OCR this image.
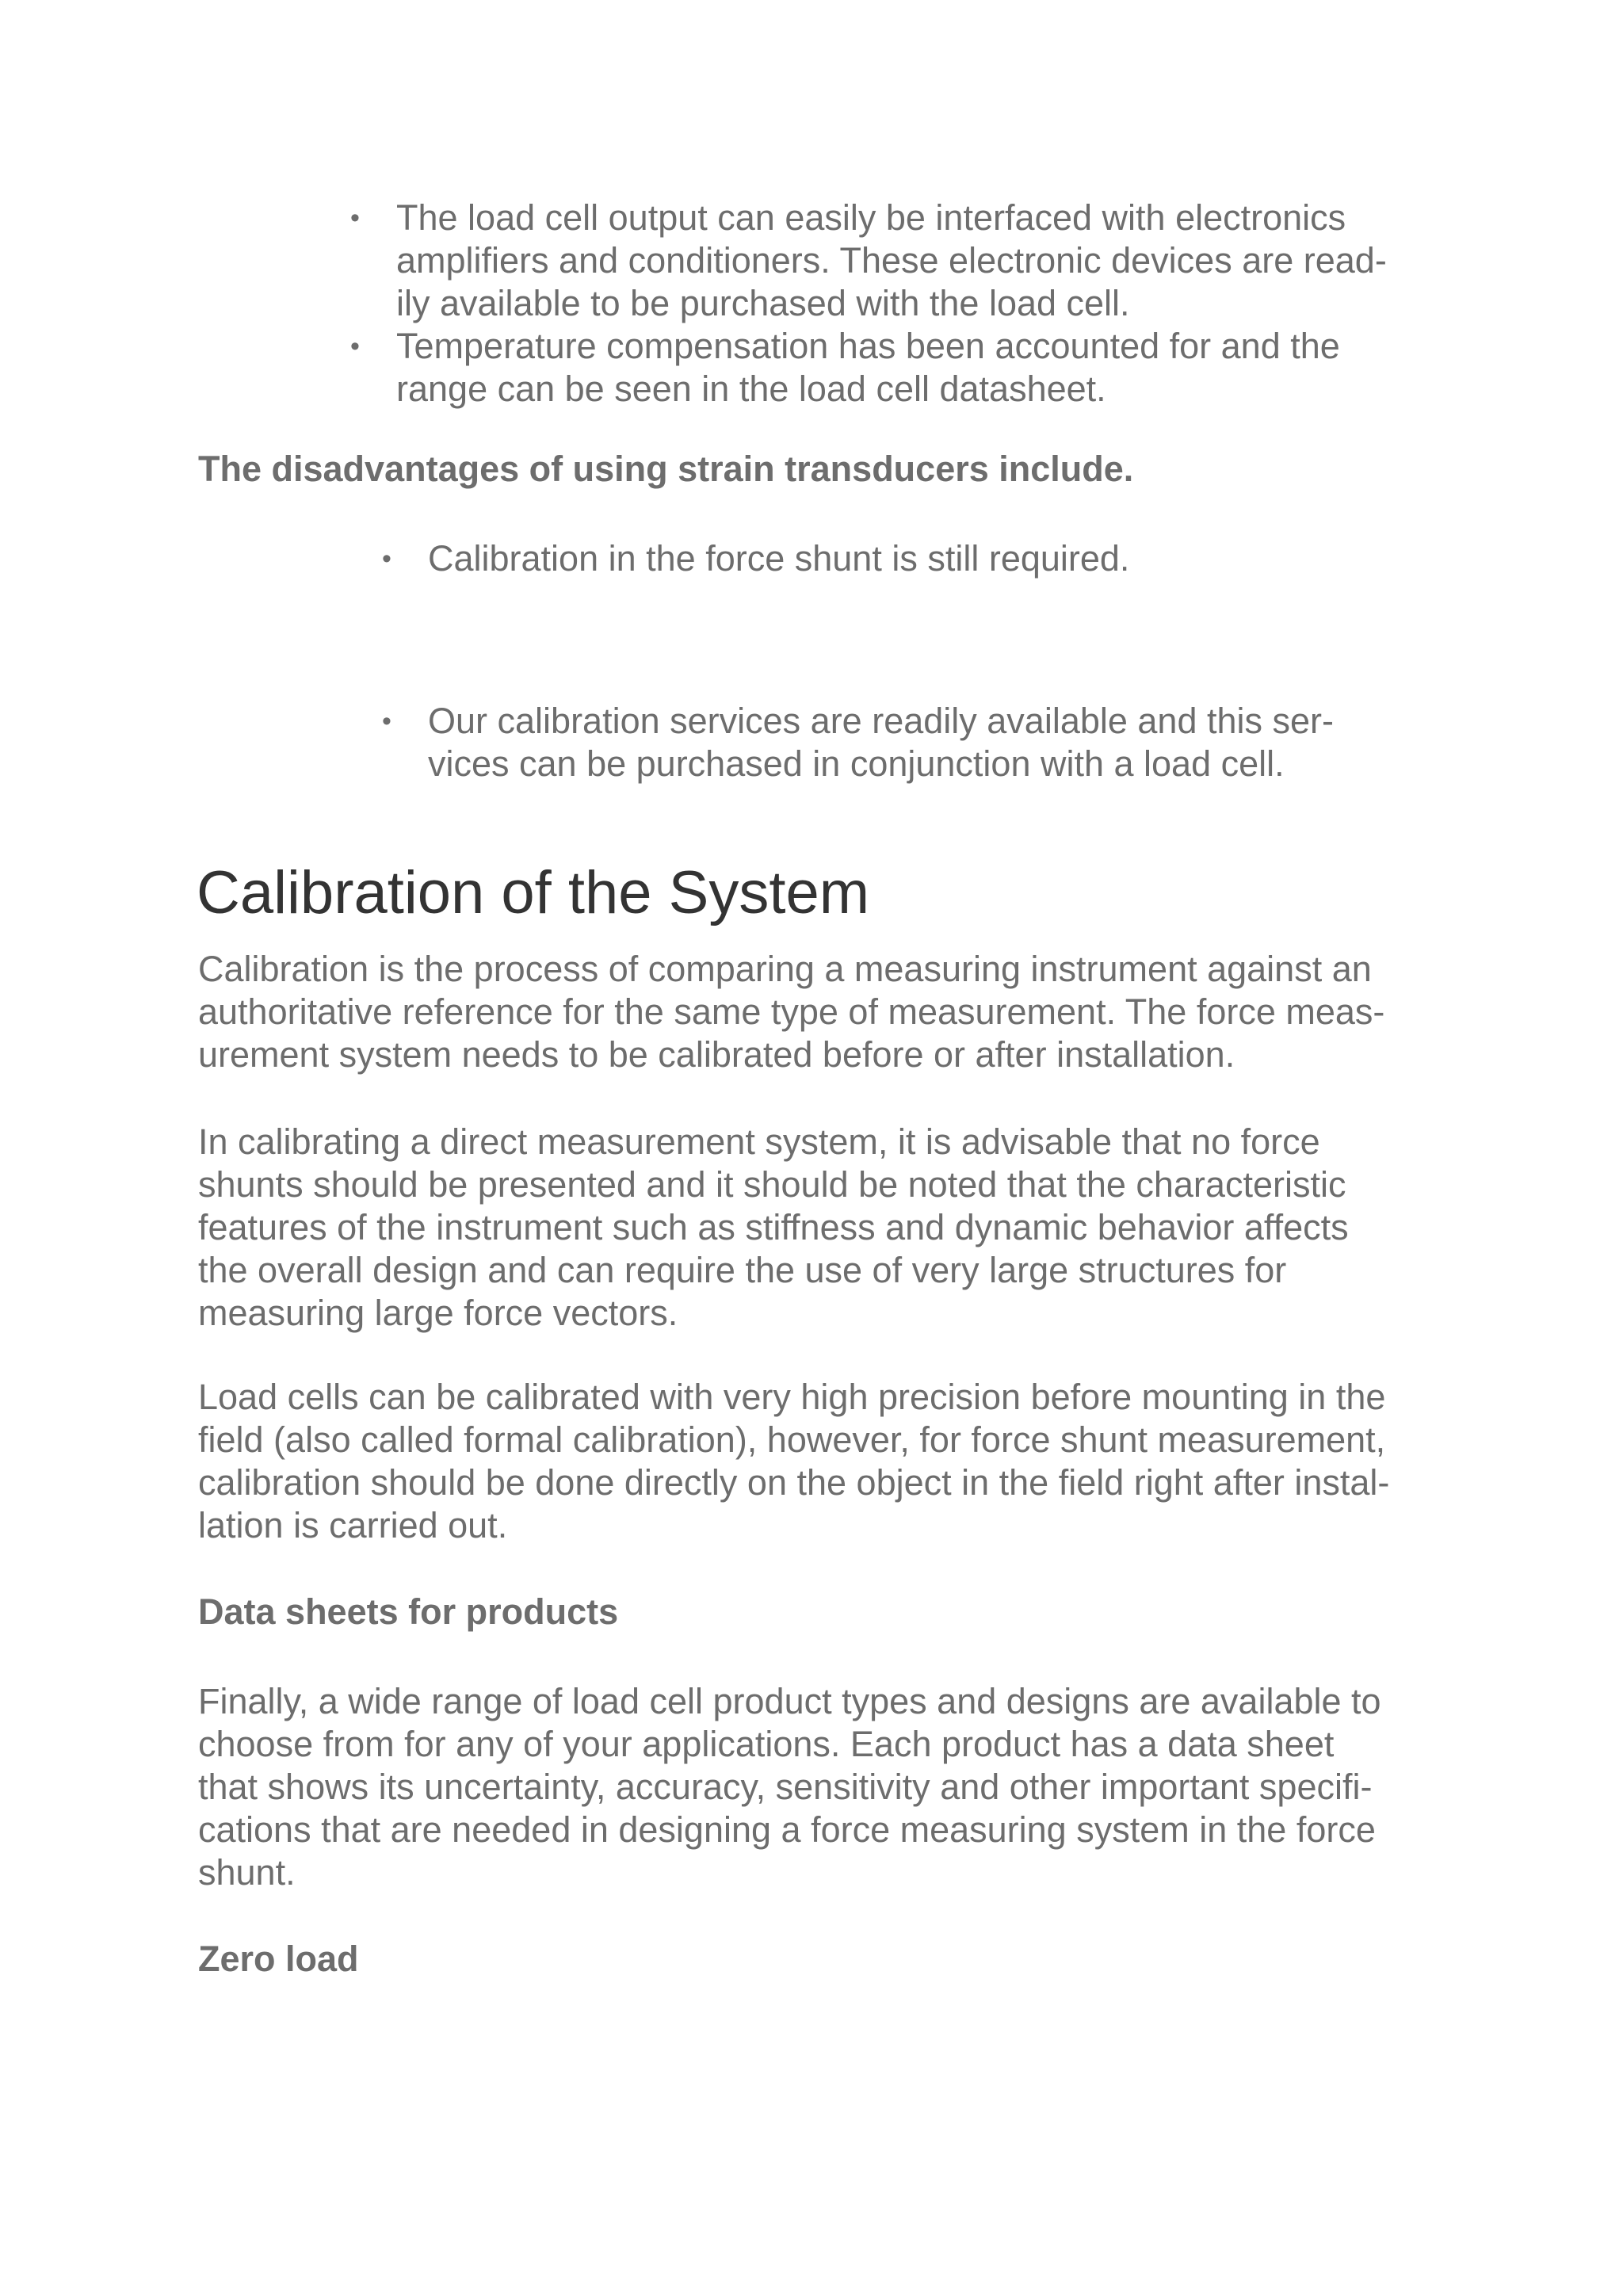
• The load cell output can easily be interfaced with electronics
amplifiers and conditioners. These electronic devices are read-
ily available to be purchased with the load cell.
• Temperature compensation has been accounted for and the
range can be seen in the load cell datasheet.

The disadvantages of using strain transducers include.

• Calibration in the force shunt is still required.
• Our calibration services are readily available and this ser-
vices can be purchased in conjunction with a load cell.
Calibration of the System

Calibration is the process of comparing a measuring instrument against an
authoritative reference for the same type of measurement. The force meas-
urement system needs to be calibrated before or after installation.

In calibrating a direct measurement system, it is advisable that no force
shunts should be presented and it should be noted that the characteristic
features of the instrument such as stiffness and dynamic behavior affects
the overall design and can require the use of very large structures for
measuring large force vectors.

Load cells can be calibrated with very high precision before mounting in the
field (also called formal calibration), however, for force shunt measurement,
calibration should be done directly on the object in the field right after instal-
lation is carried out.

Data sheets for products

Finally, a wide range of load cell product types and designs are available to
choose from for any of your applications. Each product has a data sheet
that shows its uncertainty, accuracy, sensitivity and other important specifi-
cations that are needed in designing a force measuring system in the force
shunt.

Zero load
